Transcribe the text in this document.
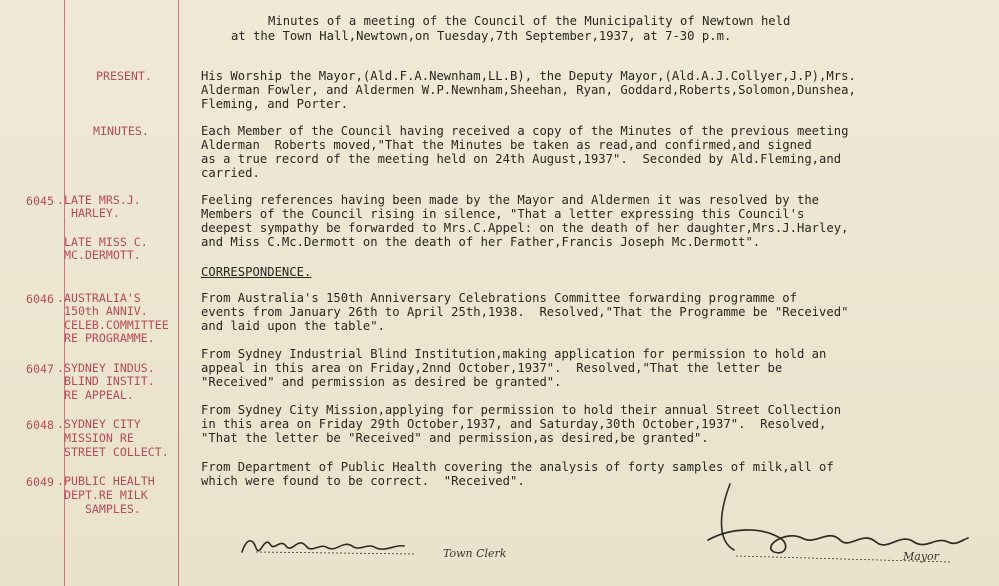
Minutes of a meeting of the Council of the Municipality of Newtown held
at the Town Hall,Newtown,on Tuesday,7th September,1937, at 7-30 p.m.
PRESENT.	His Worship the Mayor,(Ald.F.A.Newnham,LL.B), the Deputy Mayor,(Ald.A.J.Collyer,J.P),Mrs.
Alderman Fowler, and Aldermen W.P.Newnham,Sheehan, Ryan, Goddard,Roberts,Solomon,Dunshea,
Fleming, and Porter.
MINUTES.	Each Member of the Council having received a copy of the Minutes of the previous meeting
Alderman  Roberts moved,"That the Minutes be taken as read,and confirmed,and signed
as a true record of the meeting held on 24th August,1937".  Seconded by Ald.Fleming,and
carried.
6045 .LATE MRS.J.
HARLEY.
LATE MISS C.
MC.DERMOTT.
Feeling references having been made by the Mayor and Aldermen it was resolved by the
Members of the Council rising in silence, "That a letter expressing this Council's
deepest sympathy be forwarded to Mrs.C.Appel: on the death of her daughter,Mrs.J.Harley,
and Miss C.Mc.Dermott on the death of her Father,Francis Joseph Mc.Dermott".
CORRESPONDENCE.
6046 .AUSTRALIA'S
150th ANNIV.
CELEB.COMMITTEE
RE PROGRAMME.
From Australia's 150th Anniversary Celebrations Committee forwarding programme of
events from January 26th to April 25th,1938.  Resolved,"That the Programme be "Received"
and laid upon the table".
6047 .SYDNEY INDUS.
BLIND INSTIT.
RE APPEAL.
From Sydney Industrial Blind Institution,making application for permission to hold an
appeal in this area on Friday,2nnd October,1937".  Resolved,"That the letter be
"Received" and permission as desired be granted".
6048 .SYDNEY CITY
MISSION RE
STREET COLLECT.
From Sydney City Mission,applying for permission to hold their annual Street Collection
in this area on Friday 29th October,1937, and Saturday,30th October,1937".  Resolved,
"That the letter be "Received" and permission,as desired,be granted".
6049 .PUBLIC HEALTH
DEPT.RE MILK
SAMPLES.
From Department of Public Health covering the analysis of forty samples of milk,all of
which were found to be correct.  "Received".
Town Clerk	Mayor
